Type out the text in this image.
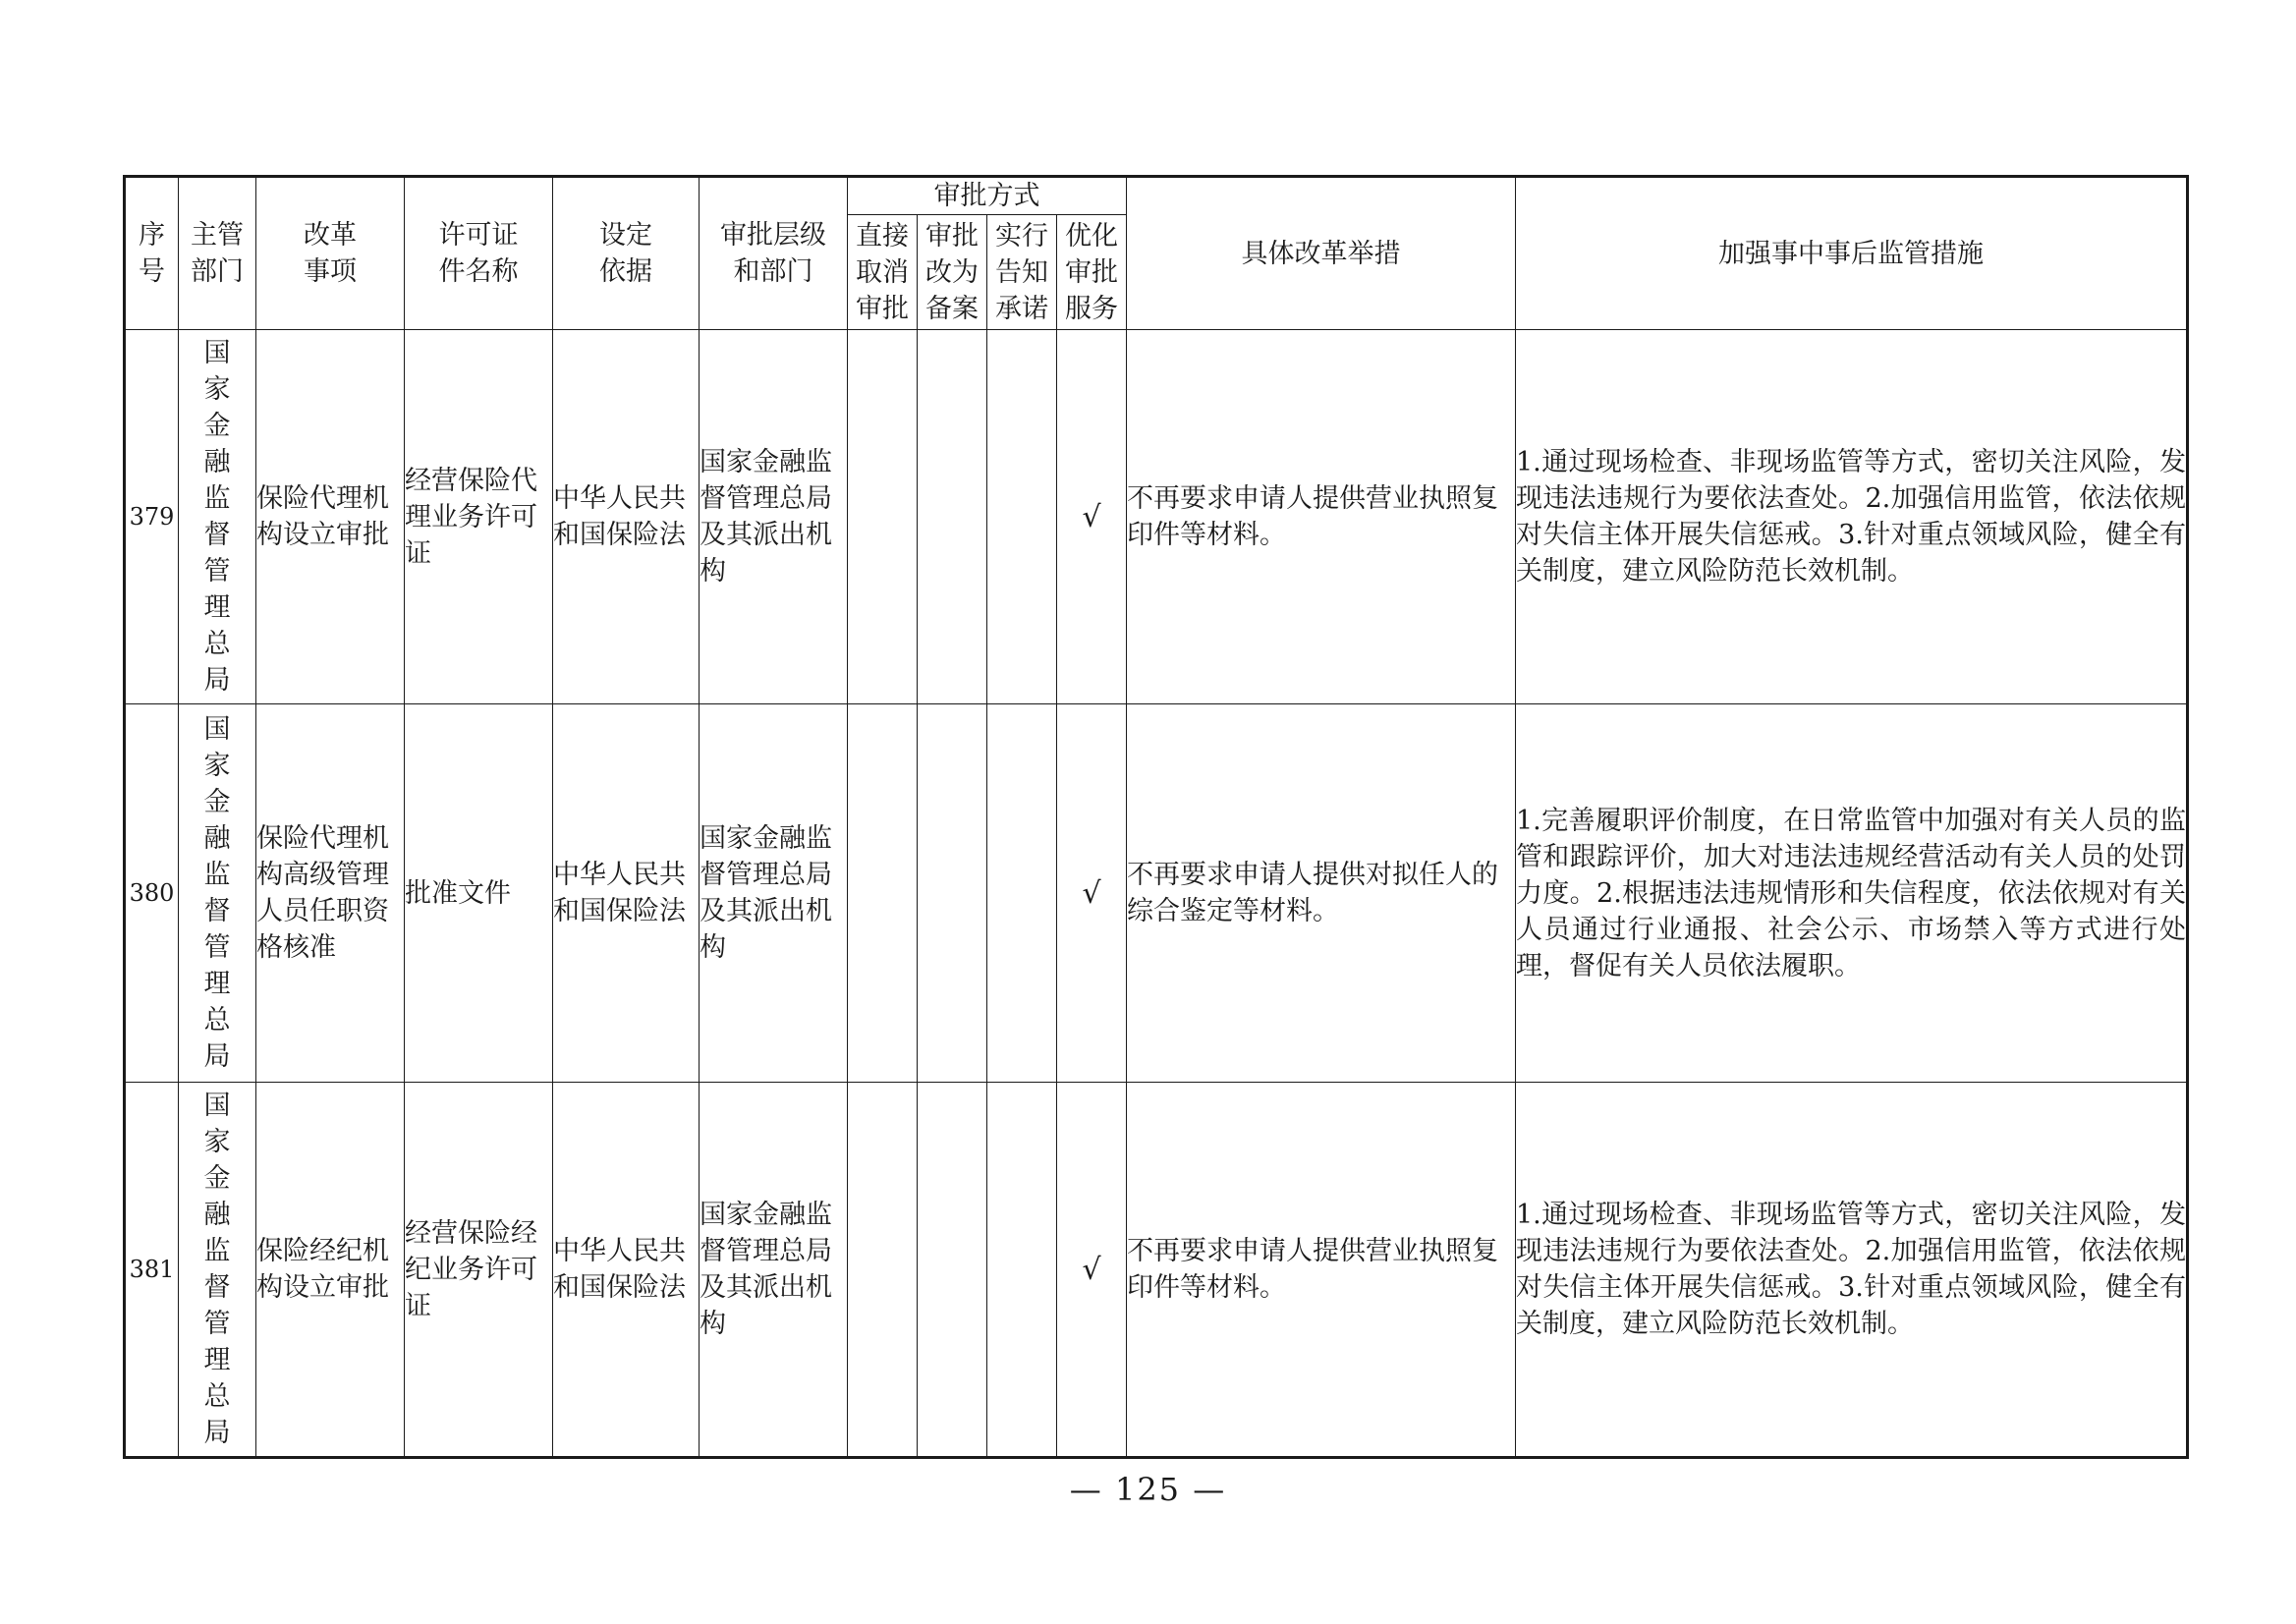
序号	主管部门	改革事项	许可证件名称	设定依据	审批层级和部门	审批方式				具体改革举措	加强事中事后监管措施

						直接取消审批	审批改为备案	实行告知承诺	优化审批服务		

379	国家金融监督管理总局	保险代理机构设立审批	经营保险代理业务许可证	中华人民共和国保险法	国家金融监督管理总局及其派出机构				√	不再要求申请人提供营业执照复印件等材料。	1.通过现场检查、非现场监管等方式，密切关注风险，发现违法违规行为要依法查处。2.加强信用监管，依法依规对失信主体开展失信惩戒。3.针对重点领域风险，健全有关制度，建立风险防范长效机制。
380	国家金融监督管理总局	保险代理机构高级管理人员任职资格核准	批准文件	中华人民共和国保险法	国家金融监督管理总局及其派出机构				√	不再要求申请人提供对拟任人的综合鉴定等材料。	1.完善履职评价制度，在日常监管中加强对有关人员的监管和跟踪评价，加大对违法违规经营活动有关人员的处罚力度。2.根据违法违规情形和失信程度，依法依规对有关人员通过行业通报、社会公示、市场禁入等方式进行处理，督促有关人员依法履职。
381	国家金融监督管理总局	保险经纪机构设立审批	经营保险经纪业务许可证	中华人民共和国保险法	国家金融监督管理总局及其派出机构				√	不再要求申请人提供营业执照复印件等材料。	1.通过现场检查、非现场监管等方式，密切关注风险，发现违法违规行为要依法查处。2.加强信用监管，依法依规对失信主体开展失信惩戒。3.针对重点领域风险，健全有关制度，建立风险防范长效机制。
— 125 —
